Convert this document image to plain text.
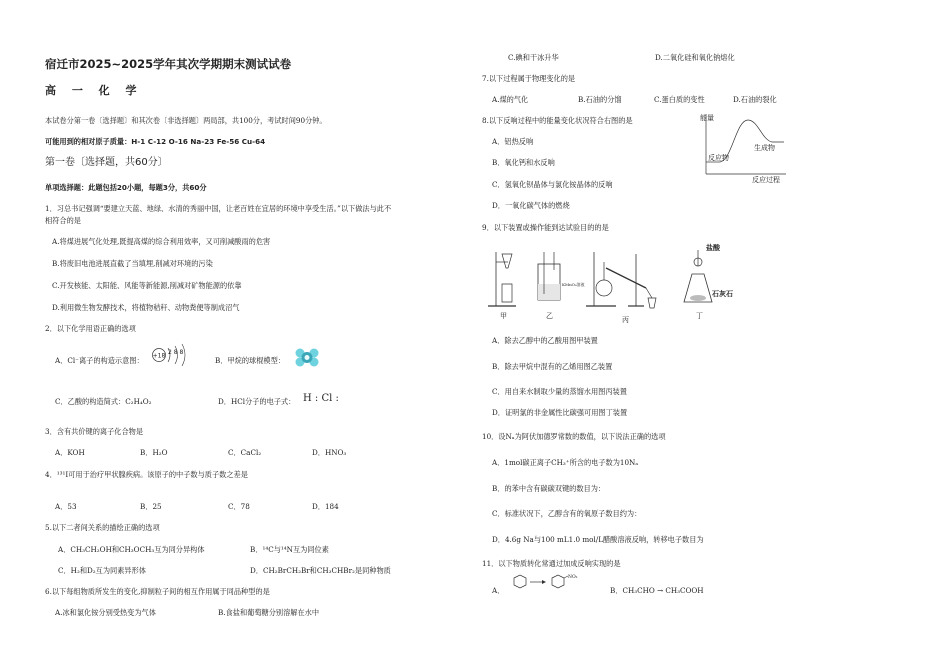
宿迁市2025~2025学年其次学期期末测试试卷
高 一 化 学
本试卷分第一卷〔选择题〕和其次卷〔非选择题〕两局部，共100分，考试时间90分钟。
可能用到的相对原子质量：H-1 C-12 O-16 Na-23 Fe-56 Cu-64
第一卷〔选择题，共60分〕
单项选择题：此题包括20小题，每题3分，共60分
1．习总书记强调“要建立天蓝、地绿、水清的秀丽中国，让老百姓在宜居的环境中享受生活。”以下做法与此不
相符合的是
A.将煤进展气化处理,既提高煤的综合利用效率，又可削减酸雨的危害
B.将废旧电池进展直截了当填埋,削减对环境的污染
C.开发核能、太阳能、风能等新能源,削减对矿物能源的依靠
D.利用微生物发酵技术，将植物秸秆、动物粪便等制成沼气
2．以下化学用语正确的选项
A．Cl⁻离子的构造示意图： +18 2 8 8
B．甲烷的球棍模型：
C．乙酸的构造简式：C₂H₄O₂	D．HCl分子的电子式： H : Cl :
3．含有共价键的离子化合物是
A．KOH	B．H₂O	C．CaCl₂	D．HNO₃
4．¹³¹I可用于治疗甲状腺疾病。该原子的中子数与质子数之差是
A．53	B．25	C．78	D．184
5.以下二者间关系的描绘正确的选项
A．CH₃CH₂OH和CH₃OCH₃互为同分异构体	B．¹⁴C与¹⁴N互为同位素
C．H₂和D₂互为同素异形体	D．CH₂BrCH₂Br和CH₃CHBr₂是同种物质
6.以下每组物质所发生的变化,抑制粒子间的相互作用属于同品种型的是
A.冰和氯化铵分别受热变为气体	B.食盐和葡萄糖分别溶解在水中
C.碘和干冰升华	D.二氧化硅和氧化钠熔化
7.以下过程属于物理变化的是
A.煤的气化	B.石油的分馏	C.蛋白质的变性	D.石油的裂化
8.以下反响过程中的能量变化状况符合右图的是
A．铝热反响
B．氧化钙和水反响
C．氢氧化钡晶体与氯化铵晶体的反响
D．一氧化碳气体的燃烧
能量
生成物
反应物
反应过程
9．以下装置或操作能到达试验目的的是
甲
KMnO₄溶液
乙	丙
盐酸
石灰石
丁
A．除去乙醇中的乙酸用图甲装置
B．除去甲烷中混有的乙烯用图乙装置
C．用自来水制取少量的蒸馏水用图丙装置
D．证明氯的非金属性比碳强可用图丁装置
10．设Nₐ为阿伏加德罗常数的数值，以下说法正确的选项
A．1mol碳正离子CH₃⁺所含的电子数为10Nₐ
B．的苯中含有碳碳双键的数目为：
C．标准状况下，乙醇含有的氧原子数目约为：
D．4.6g Na与100 mL1.0 mol/L醋酸溶液反响，转移电子数目为
11．以下物质转化常通过加成反响实现的是
A．
NO₂
B．CH₃CHO → CH₃COOH
